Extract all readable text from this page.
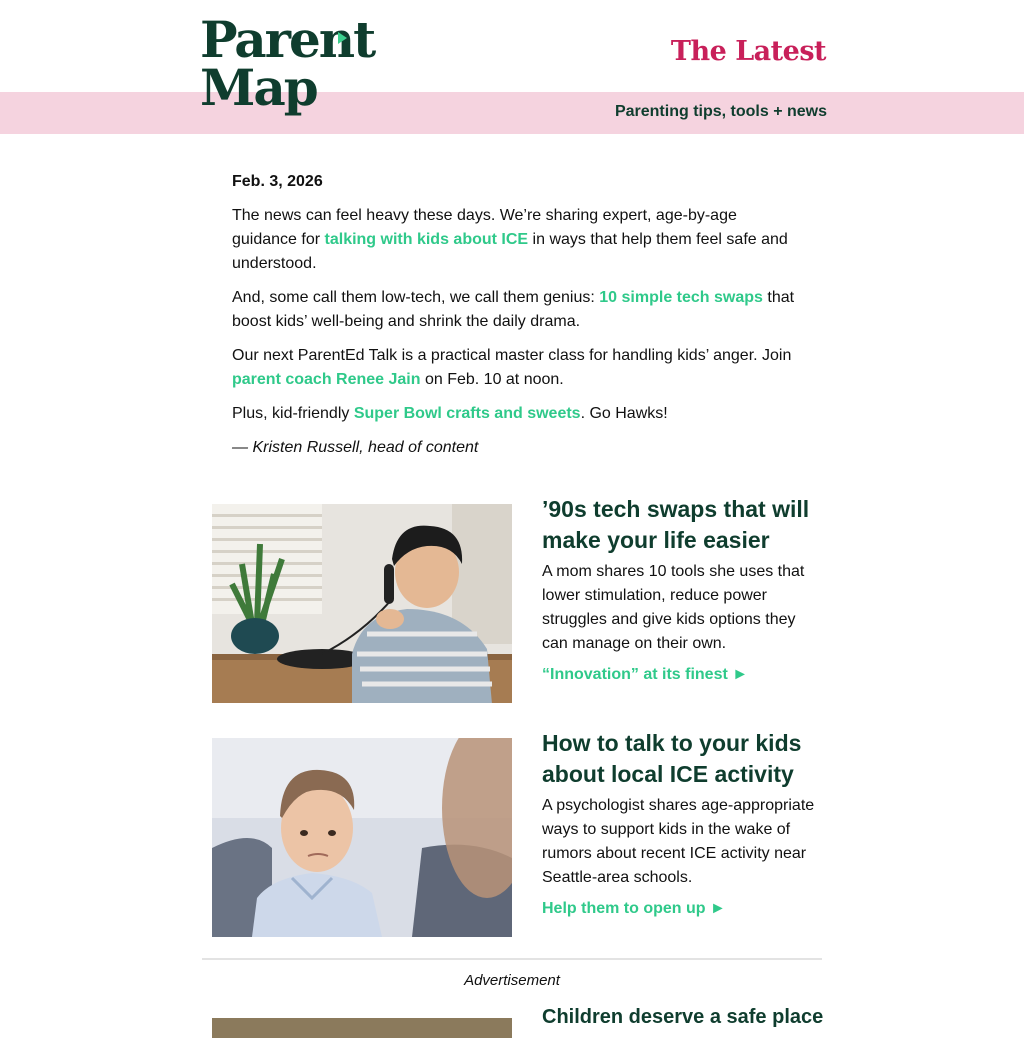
Parent
Map
The Latest
Parenting tips, tools + news

Feb. 3, 2026

The news can feel heavy these days. We’re sharing expert, age-by-age guidance for talking with kids about ICE in ways that help them feel safe and understood.

And, some call them low-tech, we call them genius: 10 simple tech swaps that boost kids’ well-being and shrink the daily drama.

Our next ParentEd Talk is a practical master class for handling kids’ anger. Join parent coach Renee Jain on Feb. 10 at noon.

Plus, kid-friendly Super Bowl crafts and sweets. Go Hawks!

— Kristen Russell, head of content

’90s tech swaps that will make your life easier

A mom shares 10 tools she uses that lower stimulation, reduce power struggles and give kids options they can manage on their own.

“Innovation” at its finest ►
How to talk to your kids about local ICE activity

A psychologist shares age-appropriate ways to support kids in the wake of rumors about recent ICE activity near Seattle-area schools.

Help them to open up ►
Advertisement
Children deserve a safe place
